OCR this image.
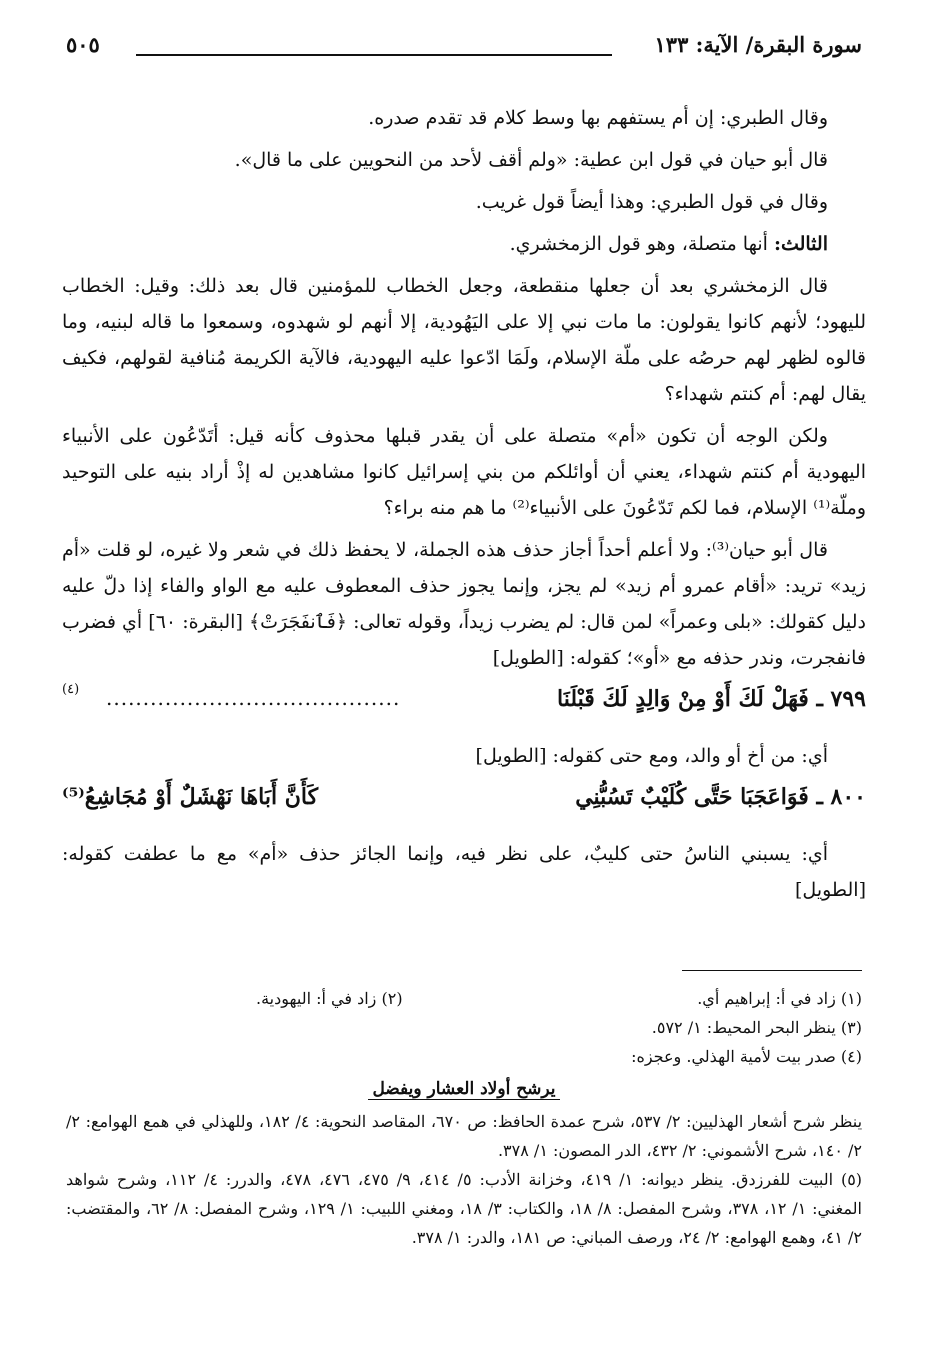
سورة البقرة/ الآية: ١٣٣
٥٠٥

وقال الطبري: إن أم يستفهم بها وسط كلام قد تقدم صدره.

قال أبو حيان في قول ابن عطية: «ولم أقف لأحد من النحويين على ما قال».

وقال في قول الطبري: وهذا أيضاً قول غريب.

الثالث: أنها متصلة، وهو قول الزمخشري.

قال الزمخشري بعد أن جعلها منقطعة، وجعل الخطاب للمؤمنين قال بعد ذلك: وقيل: الخطاب لليهود؛ لأنهم كانوا يقولون: ما مات نبي إلا على اليَهُودية، إلا أنهم لو شهدوه، وسمعوا ما قاله لبنيه، وما قالوه لظهر لهم حرصُه على ملّة الإسلام، ولَمَا ادّعوا عليه اليهودية، فالآية الكريمة مُنافية لقولهم، فكيف يقال لهم: أم كنتم شهداء؟

ولكن الوجه أن تكون «أم» متصلة على أن يقدر قبلها محذوف كأنه قيل: أتَدّعُون على الأنبياء اليهودية أم كنتم شهداء، يعني أن أوائلكم من بني إسرائيل كانوا مشاهدين له إذْ أراد بنيه على التوحيد وملّة⁽¹⁾ الإسلام، فما لكم تَدّعُونَ على الأنبياء⁽²⁾ ما هم منه براء؟

قال أبو حيان⁽³⁾: ولا أعلم أحداً أجاز حذف هذه الجملة، لا يحفظ ذلك في شعر ولا غيره، لو قلت «أم زيد» تريد: «أقام عمرو أم زيد» لم يجز، وإنما يجوز حذف المعطوف عليه مع الواو والفاء إذا دلّ عليه دليل كقولك: «بلى وعمراً» لمن قال: لم يضرب زيداً، وقوله تعالى: ﴿فَٱنفَجَرَتْ﴾ [البقرة: ٦٠] أي فضرب فانفجرت، وندر حذفه مع «أو»؛ كقوله: [الطويل]

٧٩٩ ـ فَهَلْ لَكَ أَوْ مِنْ وَالِدٍ لَكَ قَبْلَنَا
........................................
(٤)

أي: من أخ أو والد، ومع حتى كقوله: [الطويل]

٨٠٠ ـ فَوَاعَجَبَا حَتَّى كُلَيْبٌ تَسُبُّنِي
كَأَنَّ أَبَاهَا نَهْشَلٌ أَوْ مُجَاشِعُ⁽⁵⁾

أي: يسبني الناسُ حتى كليبٌ، على نظر فيه، وإنما الجائز حذف «أم» مع ما عطفت كقوله: [الطويل]

(١) زاد في أ: إبراهيم أي.
(٢) زاد في أ: اليهودية.
(٣) ينظر البحر المحيط: ١/ ٥٧٢.
(٤) صدر بيت لأمية الهذلي. وعجزه:
يرشح أولاد العشار ويفضل

ينظر شرح أشعار الهذليين: ٢/ ٥٣٧، شرح عمدة الحافظ: ص ٦٧٠، المقاصد النحوية: ٤/ ١٨٢، وللهذلي في همع الهوامع: ٢/ ٢/ ١٤٠، شرح الأشموني: ٢/ ٤٣٢، الدر المصون: ١/ ٣٧٨.

(٥) البيت للفرزدق. ينظر ديوانه: ١/ ٤١٩، وخزانة الأدب: ٥/ ٤١٤، ٩/ ٤٧٥، ٤٧٦، ٤٧٨، والدرر: ٤/ ١١٢، وشرح شواهد المغني: ١/ ١٢، ٣٧٨، وشرح المفصل: ٨/ ١٨، والكتاب: ٣/ ١٨، ومغني اللبيب: ١/ ١٢٩، وشرح المفصل: ٨/ ٦٢، والمقتضب: ٢/ ٤١، وهمع الهوامع: ٢/ ٢٤، ورصف المباني: ص ١٨١، والدر: ١/ ٣٧٨.
